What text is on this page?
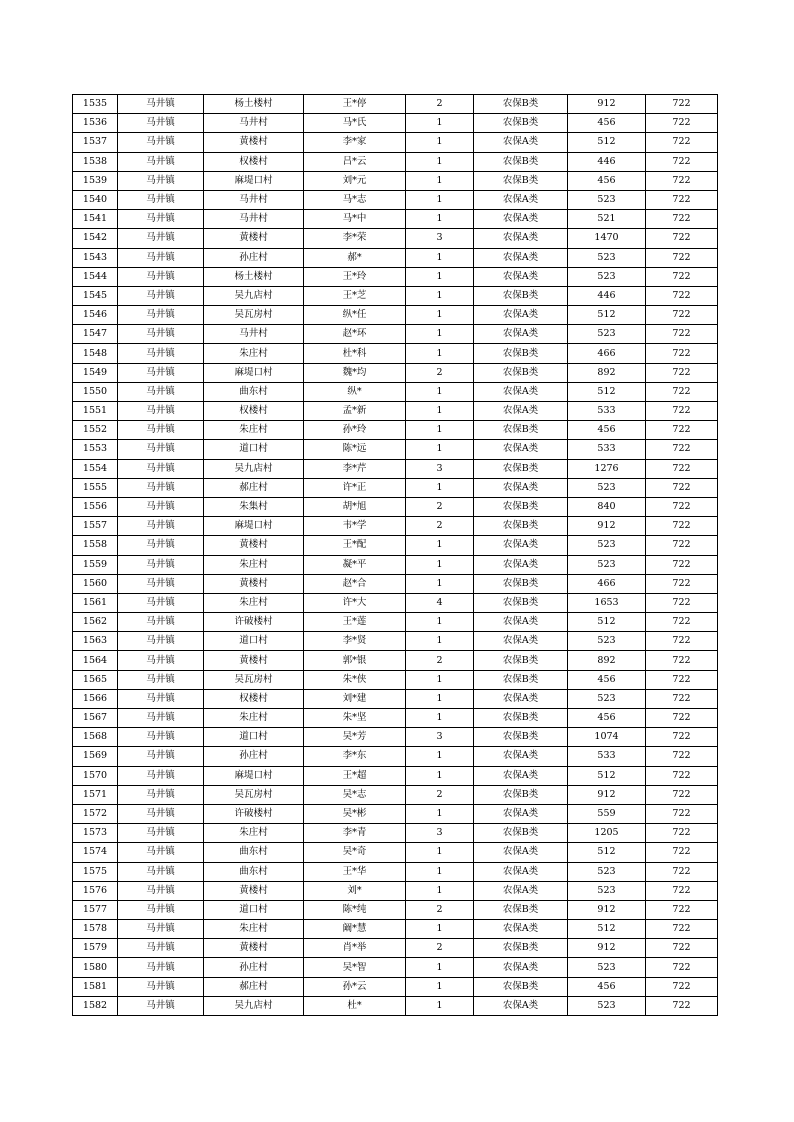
1535	马井镇	杨土楼村	王*停	2	农保B类	912	722
1536	马井镇	马井村	马*氏	1	农保B类	456	722
1537	马井镇	黄楼村	李*家	1	农保A类	512	722
1538	马井镇	权楼村	吕*云	1	农保B类	446	722
1539	马井镇	麻堤口村	刘*元	1	农保B类	456	722
1540	马井镇	马井村	马*志	1	农保A类	523	722
1541	马井镇	马井村	马*中	1	农保A类	521	722
1542	马井镇	黄楼村	李*荣	3	农保A类	1470	722
1543	马井镇	孙庄村	郝*	1	农保A类	523	722
1544	马井镇	杨土楼村	王*玲	1	农保A类	523	722
1545	马井镇	吴九店村	王*芝	1	农保B类	446	722
1546	马井镇	吴瓦房村	纵*任	1	农保A类	512	722
1547	马井镇	马井村	赵*环	1	农保A类	523	722
1548	马井镇	朱庄村	杜*科	1	农保B类	466	722
1549	马井镇	麻堤口村	魏*均	2	农保B类	892	722
1550	马井镇	曲东村	纵*	1	农保A类	512	722
1551	马井镇	权楼村	孟*新	1	农保A类	533	722
1552	马井镇	朱庄村	孙*玲	1	农保B类	456	722
1553	马井镇	道口村	陈*远	1	农保A类	533	722
1554	马井镇	吴九店村	李*芹	3	农保B类	1276	722
1555	马井镇	郝庄村	许*正	1	农保A类	523	722
1556	马井镇	朱集村	胡*旭	2	农保B类	840	722
1557	马井镇	麻堤口村	韦*学	2	农保B类	912	722
1558	马井镇	黄楼村	王*配	1	农保A类	523	722
1559	马井镇	朱庄村	凝*平	1	农保A类	523	722
1560	马井镇	黄楼村	赵*合	1	农保B类	466	722
1561	马井镇	朱庄村	许*大	4	农保B类	1653	722
1562	马井镇	许破楼村	王*莲	1	农保A类	512	722
1563	马井镇	道口村	李*贤	1	农保A类	523	722
1564	马井镇	黄楼村	郭*银	2	农保B类	892	722
1565	马井镇	吴瓦房村	朱*侠	1	农保B类	456	722
1566	马井镇	权楼村	刘*建	1	农保A类	523	722
1567	马井镇	朱庄村	朱*坚	1	农保B类	456	722
1568	马井镇	道口村	吴*芳	3	农保B类	1074	722
1569	马井镇	孙庄村	李*东	1	农保A类	533	722
1570	马井镇	麻堤口村	王*超	1	农保A类	512	722
1571	马井镇	吴瓦房村	吴*志	2	农保B类	912	722
1572	马井镇	许破楼村	吴*彬	1	农保A类	559	722
1573	马井镇	朱庄村	李*青	3	农保B类	1205	722
1574	马井镇	曲东村	吴*奇	1	农保A类	512	722
1575	马井镇	曲东村	王*华	1	农保A类	523	722
1576	马井镇	黄楼村	刘*	1	农保A类	523	722
1577	马井镇	道口村	陈*纯	2	农保B类	912	722
1578	马井镇	朱庄村	阚*慧	1	农保A类	512	722
1579	马井镇	黄楼村	肖*举	2	农保B类	912	722
1580	马井镇	孙庄村	吴*智	1	农保A类	523	722
1581	马井镇	郝庄村	孙*云	1	农保B类	456	722
1582	马井镇	吴九店村	杜*	1	农保A类	523	722
